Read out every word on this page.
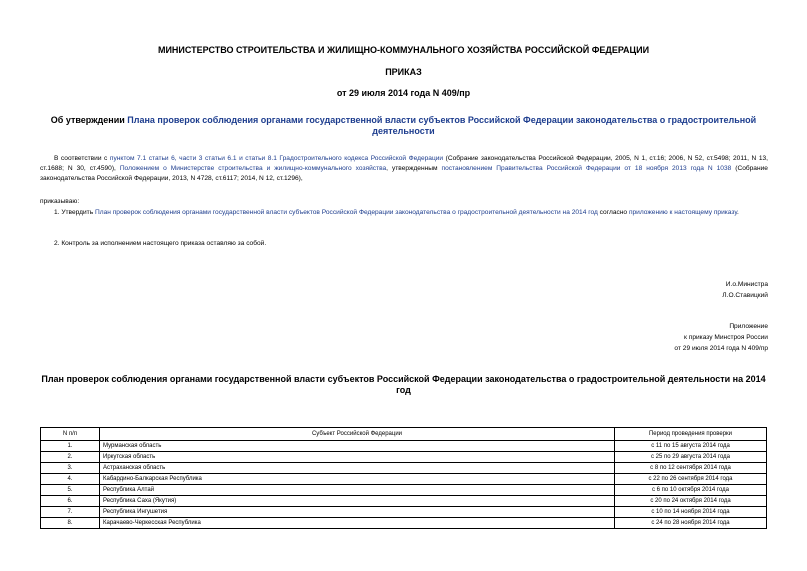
МИНИСТЕРСТВО СТРОИТЕЛЬСТВА И ЖИЛИЩНО-КОММУНАЛЬНОГО ХОЗЯЙСТВА РОССИЙСКОЙ ФЕДЕРАЦИИ
ПРИКАЗ
от 29 июля 2014 года N 409/пр
Об утверждении Плана проверок соблюдения органами государственной власти субъектов Российской Федерации законодательства о градостроительной
деятельности
В соответствии с пунктом 7.1 статьи 6, части 3 статьи 6.1 и статьи 8.1 Градостроительного кодекса Российской Федерации (Собрание законодательства Российской Федерации, 2005, N 1, ст.16; 2006, N 52, ст.5498; 2011, N 13, ст.1688; N 30, ст.4590), Положением о Министерстве строительства и жилищно-коммунального хозяйства, утвержденным постановлением Правительства Российской Федерации от 18 ноября 2013 года N 1038 (Собрание законодательства Российской Федерации, 2013, N 4728, ст.6117; 2014, N 12, ст.1296),
приказываю:
1. Утвердить План проверок соблюдения органами государственной власти субъектов Российской Федерации законодательства о градостроительной деятельности на 2014 год согласно приложению к настоящему приказу.
2. Контроль за исполнением настоящего приказа оставляю за собой.
И.о.Министра
Л.О.Ставицкий
Приложение
к приказу Минстроя России
от 29 июля 2014 года N 409/пр
План проверок соблюдения органами государственной власти субъектов Российской Федерации законодательства о градостроительной деятельности на 2014
год
N п/п	Субъект Российской Федерации	Период проведения проверки
1.	Мурманская область	с 11 по 15 августа 2014 года
2.	Иркутская область	с 25 по 29 августа 2014 года
3.	Астраханская область	с 8 по 12 сентября 2014 года
4.	Кабардино-Балкарская Республика	с 22 по 26 сентября 2014 года
5.	Республика Алтай	с 6 по 10 октября 2014 года
6.	Республика Саха (Якутия)	с 20 по 24 октября 2014 года
7.	Республика Ингушетия	с 10 по 14 ноября 2014 года
8.	Карачаево-Черкесская Республика	с 24 по 28 ноября 2014 года
